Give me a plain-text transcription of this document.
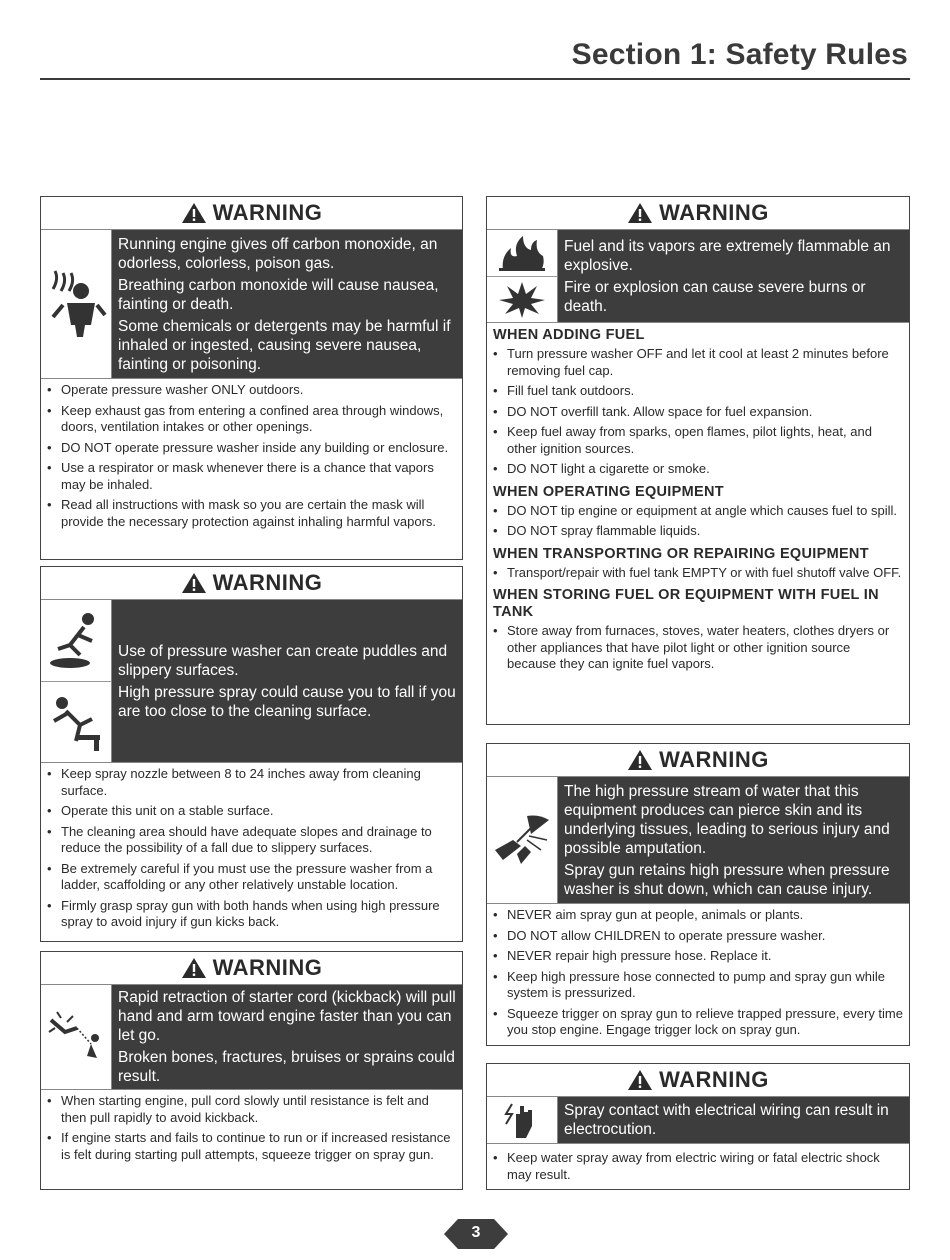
Section 1: Safety Rules
WARNING

Running engine gives off carbon monoxide, an odorless, colorless, poison gas.

Breathing carbon monoxide will cause nausea, fainting or death.

Some chemicals or detergents may be harmful if inhaled or ingested, causing severe nausea, fainting or poisoning.

• Operate pressure washer ONLY outdoors.
• Keep exhaust gas from entering a confined area through windows, doors, ventilation intakes or other openings.
• DO NOT operate pressure washer inside any building or enclosure.
• Use a respirator or mask whenever there is a chance that vapors may be inhaled.
• Read all instructions with mask so you are certain the mask will provide the necessary protection against inhaling harmful vapors.
WARNING

Use of pressure washer can create puddles and slippery surfaces.

High pressure spray could cause you to fall if you are too close to the cleaning surface.

• Keep spray nozzle between 8 to 24 inches away from cleaning surface.
• Operate this unit on a stable surface.
• The cleaning area should have adequate slopes and drainage to reduce the possibility of a fall due to slippery surfaces.
• Be extremely careful if you must use the pressure washer from a ladder, scaffolding or any other relatively unstable location.
• Firmly grasp spray gun with both hands when using high pressure spray to avoid injury if gun kicks back.
WARNING

Rapid retraction of starter cord (kickback) will pull hand and arm toward engine faster than you can let go.

Broken bones, fractures, bruises or sprains could result.

• When starting engine, pull cord slowly until resistance is felt and then pull rapidly to avoid kickback.
• If engine starts and fails to continue to run or if increased resistance is felt during starting pull attempts, squeeze trigger on spray gun.
WARNING

Fuel and its vapors are extremely flammable an explosive.

Fire or explosion can cause severe burns or death.

WHEN ADDING FUEL
• Turn pressure washer OFF and let it cool at least 2 minutes before removing fuel cap.
• Fill fuel tank outdoors.
• DO NOT overfill tank. Allow space for fuel expansion.
• Keep fuel away from sparks, open flames, pilot lights, heat, and other ignition sources.
• DO NOT light a cigarette or smoke.
WHEN OPERATING EQUIPMENT
• DO NOT tip engine or equipment at angle which causes fuel to spill.
• DO NOT spray flammable liquids.
WHEN TRANSPORTING OR REPAIRING EQUIPMENT
• Transport/repair with fuel tank EMPTY or with fuel shutoff valve OFF.
WHEN STORING FUEL OR EQUIPMENT WITH FUEL IN TANK
• Store away from furnaces, stoves, water heaters, clothes dryers or other appliances that have pilot light or other ignition source because they can ignite fuel vapors.
WARNING

The high pressure stream of water that this equipment produces can pierce skin and its underlying tissues, leading to serious injury and possible amputation.

Spray gun retains high pressure when pressure washer is shut down, which can cause injury.

• NEVER aim spray gun at people, animals or plants.
• DO NOT allow CHILDREN to operate pressure washer.
• NEVER repair high pressure hose. Replace it.
• Keep high pressure hose connected to pump and spray gun while system is pressurized.
• Squeeze trigger on spray gun to relieve trapped pressure, every time you stop engine. Engage trigger lock on spray gun.
WARNING

Spray contact with electrical wiring can result in electrocution.

• Keep water spray away from electric wiring or fatal electric shock may result.
3
